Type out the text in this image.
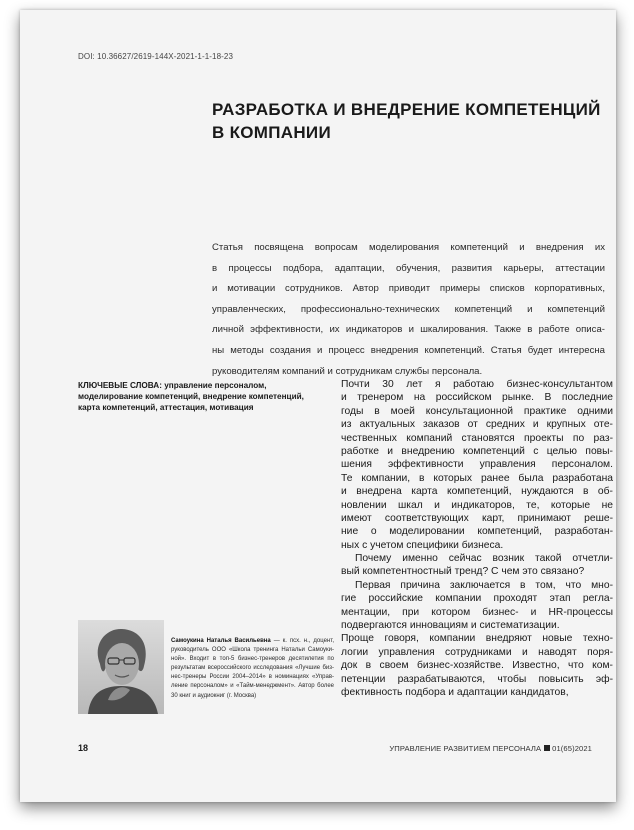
DOI: 10.36627/2619-144X-2021-1-1-18-23
РАЗРАБОТКА И ВНЕДРЕНИЕ КОМПЕТЕНЦИЙ
В КОМПАНИИ
Статья посвящена вопросам моделирования компетенций и внедрения их
в процессы подбора, адаптации, обучения, развития карьеры, аттестации
и мотивации сотрудников. Автор приводит примеры списков корпоративных,
управленческих, профессионально-технических компетенций и компетенций
личной эффективности, их индикаторов и шкалирования. Также в работе описа-
ны методы создания и процесс внедрения компетенций. Статья будет интересна
руководителям компаний и сотрудникам службы персонала.
КЛЮЧЕВЫЕ СЛОВА: управление персоналом, моделирование компетенций, внедрение компетенций, карта компетенций, аттестация, мотивация
Почти 30 лет я работаю бизнес-консультантом
и тренером на российском рынке. В последние
годы в моей консультационной практике одними
из актуальных заказов от средних и крупных оте-
чественных компаний становятся проекты по раз-
работке и внедрению компетенций с целью повы-
шения эффективности управления персоналом.
Те компании, в которых ранее была разработана
и внедрена карта компетенций, нуждаются в об-
новлении шкал и индикаторов, те, которые не
имеют соответствующих карт, принимают реше-
ние о моделировании компетенций, разработан-
ных с учетом специфики бизнеса.
Почему именно сейчас возник такой отчетли-
вый компетентностный тренд? С чем это связано?
Первая причина заключается в том, что мно-
гие российские компании проходят этап регла-
ментации, при котором бизнес- и HR-процессы
подвергаются инновациям и систематизации.
Проще говоря, компании внедряют новые техно-
логии управления сотрудниками и наводят поря-
док в своем бизнес-хозяйстве. Известно, что ком-
петенции разрабатываются, чтобы повысить эф-
фективность подбора и адаптации кандидатов,
Самоукина Наталья Васильевна — к. псх. н., доцент,
руководитель ООО «Школа тренинга Натальи Самоуки-
ной». Входит в топ-5 бизнес-тренеров десятилетия по
результатам всероссийского исследования «Лучшие биз-
нес-тренеры России 2004–2014» в номинациях «Управ-
ление персоналом» и «Тайм-менеджмент». Автор более
30 книг и аудиокниг (г. Москва)
18	УПРАВЛЕНИЕ РАЗВИТИЕМ ПЕРСОНАЛА 01(65)2021
